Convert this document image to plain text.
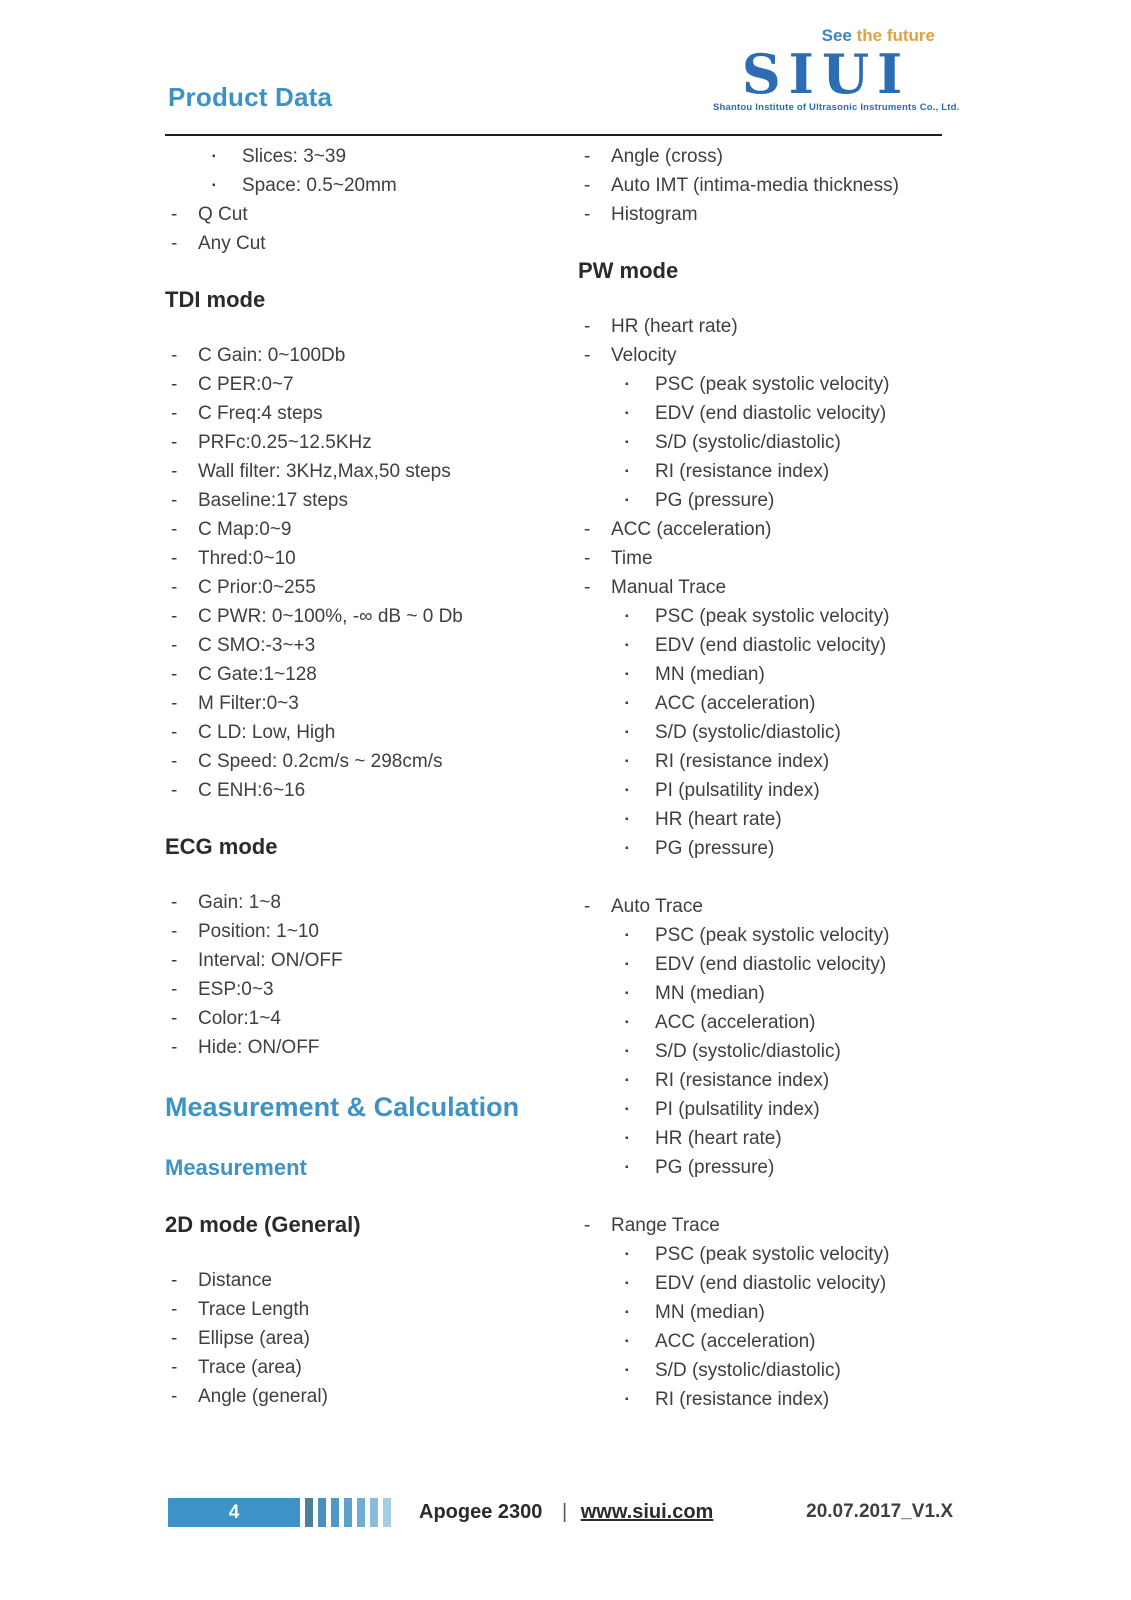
Product Data
See the future
SIUI
Shantou Institute of Ultrasonic Instruments Co., Ltd.
▪	Slices: 3~39
▪	Space: 0.5~20mm
-	Q Cut
-	Any Cut
TDI mode
-	C Gain: 0~100Db
-	C PER:0~7
-	C Freq:4 steps
-	PRFc:0.25~12.5KHz
-	Wall filter: 3KHz,Max,50 steps
-	Baseline:17 steps
-	C Map:0~9
-	Thred:0~10
-	C Prior:0~255
-	C PWR: 0~100%, -∞ dB ~ 0 Db
-	C SMO:-3~+3
-	C Gate:1~128
-	M Filter:0~3
-	C LD: Low, High
-	C Speed: 0.2cm/s ~ 298cm/s
-	C ENH:6~16
ECG mode
-	Gain: 1~8
-	Position: 1~10
-	Interval: ON/OFF
-	ESP:0~3
-	Color:1~4
-	Hide: ON/OFF
Measurement & Calculation
Measurement
2D mode (General)
-	Distance
-	Trace Length
-	Ellipse (area)
-	Trace (area)
-	Angle (general)
-	Angle (cross)
-	Auto IMT (intima-media thickness)
-	Histogram
PW mode
-	HR (heart rate)
-	Velocity
▪	PSC (peak systolic velocity)
▪	EDV (end diastolic velocity)
▪	S/D (systolic/diastolic)
▪	RI (resistance index)
▪	PG (pressure)
-	ACC (acceleration)
-	Time
-	Manual Trace
▪	PSC (peak systolic velocity)
▪	EDV (end diastolic velocity)
▪	MN (median)
▪	ACC (acceleration)
▪	S/D (systolic/diastolic)
▪	RI (resistance index)
▪	PI (pulsatility index)
▪	HR (heart rate)
▪	PG (pressure)
-	Auto Trace
▪	PSC (peak systolic velocity)
▪	EDV (end diastolic velocity)
▪	MN (median)
▪	ACC (acceleration)
▪	S/D (systolic/diastolic)
▪	RI (resistance index)
▪	PI (pulsatility index)
▪	HR (heart rate)
▪	PG (pressure)
-	Range Trace
▪	PSC (peak systolic velocity)
▪	EDV (end diastolic velocity)
▪	MN (median)
▪	ACC (acceleration)
▪	S/D (systolic/diastolic)
▪	RI (resistance index)
4	Apogee 2300 | www.siui.com	20.07.2017_V1.X
